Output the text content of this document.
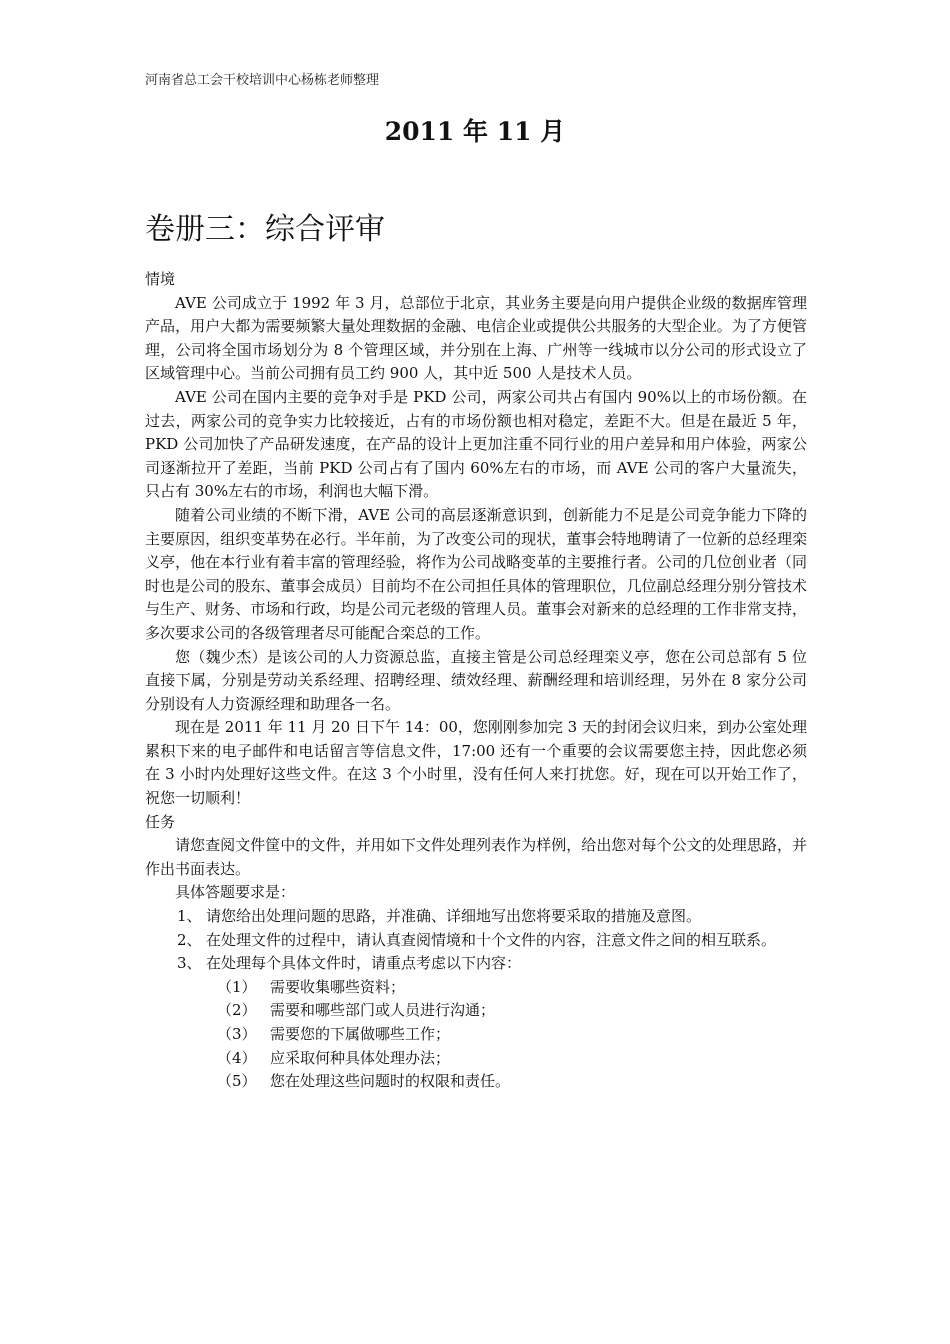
河南省总工会干校培训中心杨栋老师整理
2011 年 11 月
卷册三：综合评审

情境

AVE 公司成立于 1992 年 3 月，总部位于北京，其业务主要是向用户提供企业级的数据库管理产品，用户大都为需要频繁大量处理数据的金融、电信企业或提供公共服务的大型企业。为了方便管理，公司将全国市场划分为 8 个管理区域，并分别在上海、广州等一线城市以分公司的形式设立了区域管理中心。当前公司拥有员工约 900 人，其中近 500 人是技术人员。

AVE 公司在国内主要的竞争对手是 PKD 公司，两家公司共占有国内 90%以上的市场份额。在过去，两家公司的竞争实力比较接近，占有的市场份额也相对稳定，差距不大。但是在最近 5 年，PKD 公司加快了产品研发速度，在产品的设计上更加注重不同行业的用户差异和用户体验，两家公司逐渐拉开了差距，当前 PKD 公司占有了国内 60%左右的市场，而 AVE 公司的客户大量流失，只占有 30%左右的市场，利润也大幅下滑。

随着公司业绩的不断下滑，AVE 公司的高层逐渐意识到，创新能力不足是公司竞争能力下降的主要原因，组织变革势在必行。半年前，为了改变公司的现状，董事会特地聘请了一位新的总经理栾义亭，他在本行业有着丰富的管理经验，将作为公司战略变革的主要推行者。公司的几位创业者（同时也是公司的股东、董事会成员）目前均不在公司担任具体的管理职位，几位副总经理分别分管技术与生产、财务、市场和行政，均是公司元老级的管理人员。董事会对新来的总经理的工作非常支持，多次要求公司的各级管理者尽可能配合栾总的工作。

您（魏少杰）是该公司的人力资源总监，直接主管是公司总经理栾义亭，您在公司总部有 5 位直接下属，分别是劳动关系经理、招聘经理、绩效经理、薪酬经理和培训经理，另外在 8 家分公司分别设有人力资源经理和助理各一名。

现在是 2011 年 11 月 20 日下午 14：00，您刚刚参加完 3 天的封闭会议归来，到办公室处理累积下来的电子邮件和电话留言等信息文件，17:00 还有一个重要的会议需要您主持，因此您必须在 3 小时内处理好这些文件。在这 3 个小时里，没有任何人来打扰您。好，现在可以开始工作了，祝您一切顺利！

任务

请您查阅文件筐中的文件，并用如下文件处理列表作为样例，给出您对每个公文的处理思路，并作出书面表达。

具体答题要求是：

1、 请您给出处理问题的思路，并准确、详细地写出您将要采取的措施及意图。
2、 在处理文件的过程中，请认真查阅情境和十个文件的内容，注意文件之间的相互联系。
3、 在处理每个具体文件时，请重点考虑以下内容：
（1） 需要收集哪些资料；
（2） 需要和哪些部门或人员进行沟通；
（3） 需要您的下属做哪些工作；
（4） 应采取何种具体处理办法；
（5） 您在处理这些问题时的权限和责任。
